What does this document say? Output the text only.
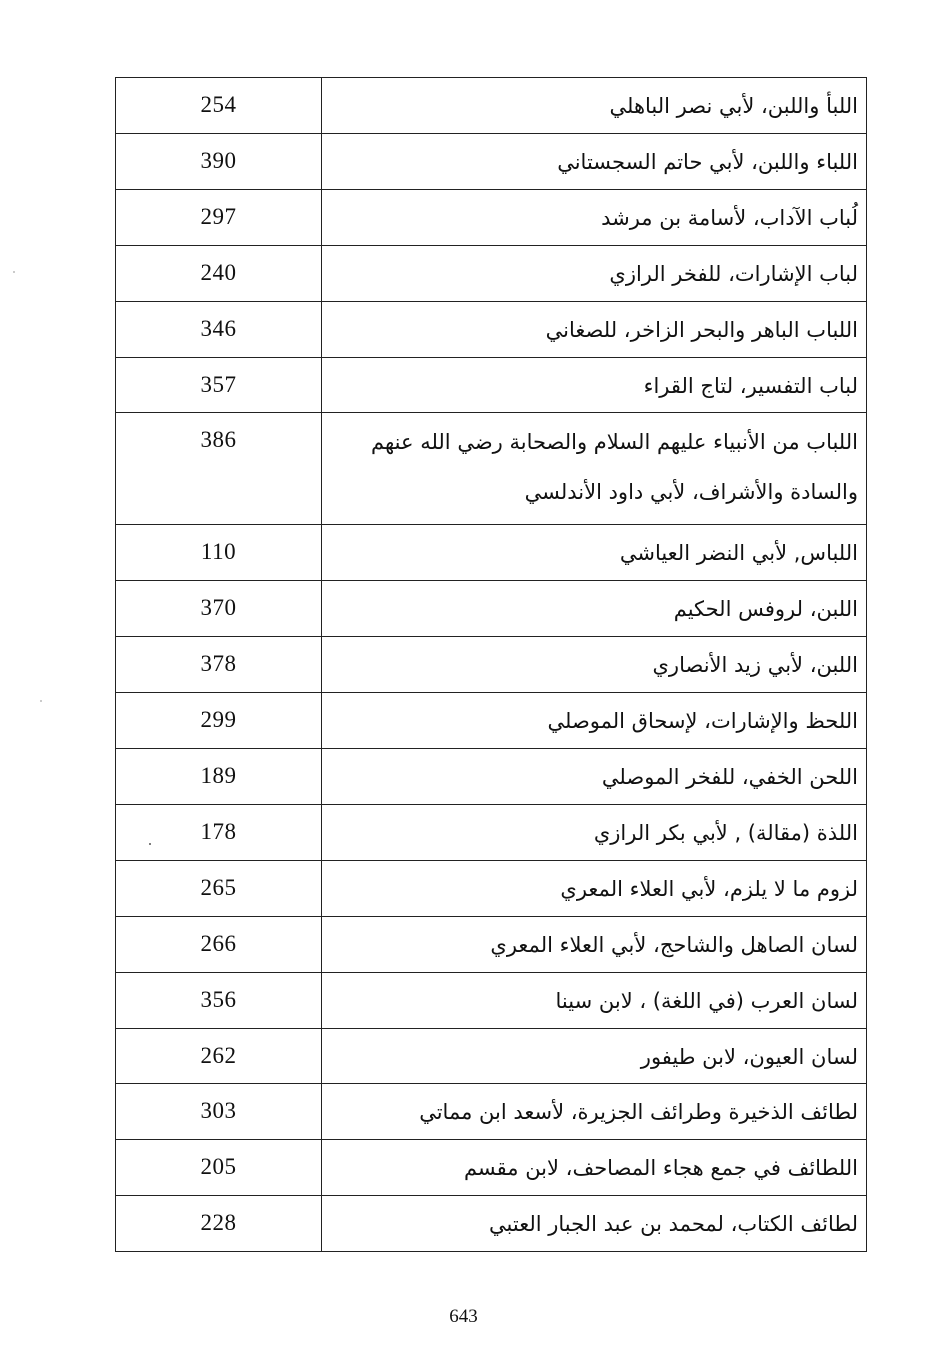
254	اللبأ واللبن، لأبي نصر الباهلي
390	اللباء واللبن، لأبي حاتم السجستاني
297	لُباب الآداب، لأسامة بن مرشد
240	لباب الإشارات، للفخر الرازي
346	اللباب الباهر والبحر الزاخر، للصغاني
357	لباب التفسير، لتاج القراء
386	اللباب من الأنبياء عليهم السلام والصحابة رضي الله عنهم والسادة والأشراف، لأبي داود الأندلسي
110	اللباس, لأبي النضر العياشي
370	اللبن، لروفس الحكيم
378	اللبن، لأبي زيد الأنصاري
299	اللحظ والإشارات، لإسحاق الموصلي
189	اللحن الخفي، للفخر الموصلي
178	اللذة (مقالة) , لأبي بكر الرازي
265	لزوم ما لا يلزم، لأبي العلاء المعري
266	لسان الصاهل والشاحج، لأبي العلاء المعري
356	لسان العرب (في اللغة) ، لابن سينا
262	لسان العيون، لابن طيفور
303	لطائف الذخيرة وطرائف الجزيرة، لأسعد ابن مماتي
205	اللطائف في جمع هجاء المصاحف، لابن مقسم
228	لطائف الكتاب، لمحمد بن عبد الجبار العتبي
643
